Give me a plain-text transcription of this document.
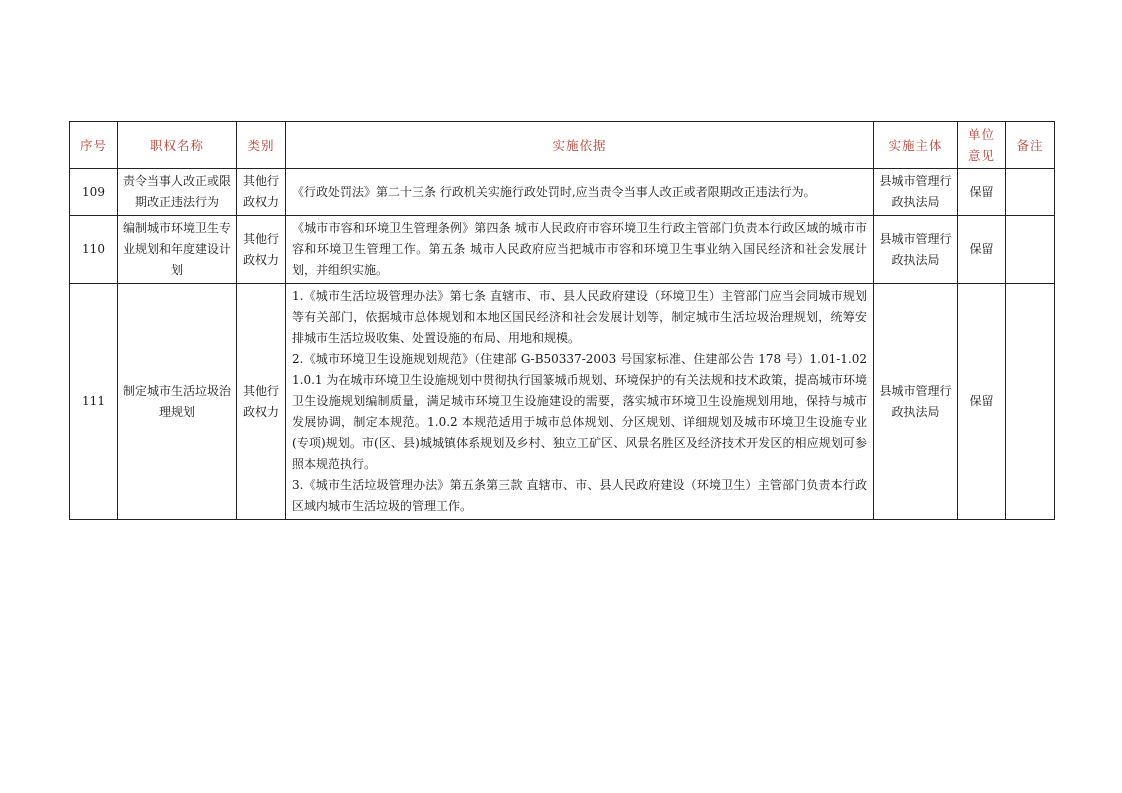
序号	职权名称	类别	实施依据	实施主体	单位意见	备注
109	责令当事人改正或限期改正违法行为	其他行政权力	《行政处罚法》第二十三条 行政机关实施行政处罚时,应当责令当事人改正或者限期改正违法行为。	县城市管理行政执法局	保留	
110	编制城市环境卫生专业规划和年度建设计划	其他行政权力	《城市市容和环境卫生管理条例》第四条 城市人民政府市容环境卫生行政主管部门负责本行政区域的城市市容和环境卫生管理工作。第五条 城市人民政府应当把城市市容和环境卫生事业纳入国民经济和社会发展计划，并组织实施。	县城市管理行政执法局	保留	
111	制定城市生活垃圾治理规划	其他行政权力	1.《城市生活垃圾管理办法》第七条 直辖市、市、县人民政府建设（环境卫生）主管部门应当会同城市规划等有关部门，依据城市总体规划和本地区国民经济和社会发展计划等，制定城市生活垃圾治理规划，统筹安排城市生活垃圾收集、处置设施的布局、用地和规模。
2.《城市环境卫生设施规划规范》（住建部 G-B50337-2003 号国家标准、住建部公告 178 号）1.01-1.021.0.1 为在城市环境卫生设施规划中贯彻执行国篆城币规划、环境保护的有关法规和技术政策，提高城市环境卫生设施规划编制质量，满足城市环境卫生设施建设的需要，落实城市环境卫生设施规划用地，保持与城市发展协调，制定本规范。1.0.2 本规范适用于城市总体规划、分区规划、详细规划及城市环境卫生设施专业(专项)规划。市(区、县)城城镇体系规划及乡村、独立工矿区、风景名胜区及经济技术开发区的相应规划可参照本规范执行。
3.《城市生活垃圾管理办法》第五条第三款 直辖市、市、县人民政府建设（环境卫生）主管部门负责本行政区域内城市生活垃圾的管理工作。	县城市管理行政执法局	保留	
